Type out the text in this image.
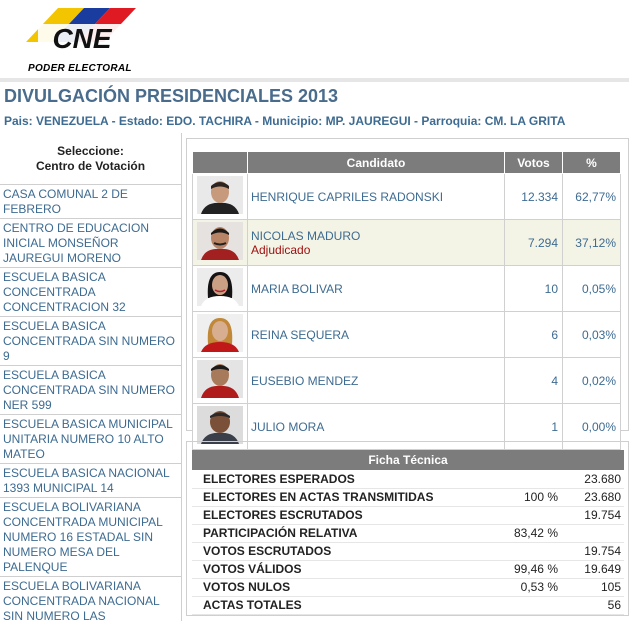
CNE
PODER ELECTORAL
DIVULGACIÓN PRESIDENCIALES 2013
Pais: VENEZUELA - Estado: EDO. TACHIRA - Municipio: MP. JAUREGUI - Parroquia: CM. LA GRITA
Seleccione:
Centro de Votación
CASA COMUNAL 2 DE FEBRERO
CENTRO DE EDUCACION INICIAL MONSEÑOR JAUREGUI MORENO
ESCUELA BASICA CONCENTRADA CONCENTRACION 32
ESCUELA BASICA CONCENTRADA SIN NUMERO 9
ESCUELA BASICA CONCENTRADA SIN NUMERO NER 599
ESCUELA BASICA MUNICIPAL UNITARIA NUMERO 10 ALTO MATEO
ESCUELA BASICA NACIONAL 1393 MUNICIPAL 14
ESCUELA BOLIVARIANA CONCENTRADA MUNICIPAL NUMERO 16 ESTADAL SIN NUMERO MESA DEL PALENQUE
ESCUELA BOLIVARIANA CONCENTRADA NACIONAL SIN NUMERO LAS
	Candidato	Votos	%
	HENRIQUE CAPRILES RADONSKI	12.334	62,77%
	NICOLAS MADURO
Adjudicado	7.294	37,12%
	MARIA BOLIVAR	10	0,05%
	REINA SEQUERA	6	0,03%
	EUSEBIO MENDEZ	4	0,02%
	JULIO MORA	1	0,00%
Ficha Técnica		
ELECTORES ESPERADOS		23.680
ELECTORES EN ACTAS TRANSMITIDAS	100 %	23.680
ELECTORES ESCRUTADOS		19.754
PARTICIPACIÓN RELATIVA	83,42 %	
VOTOS ESCRUTADOS		19.754
VOTOS VÁLIDOS	99,46 %	19.649
VOTOS NULOS	0,53 %	105
ACTAS TOTALES		56
